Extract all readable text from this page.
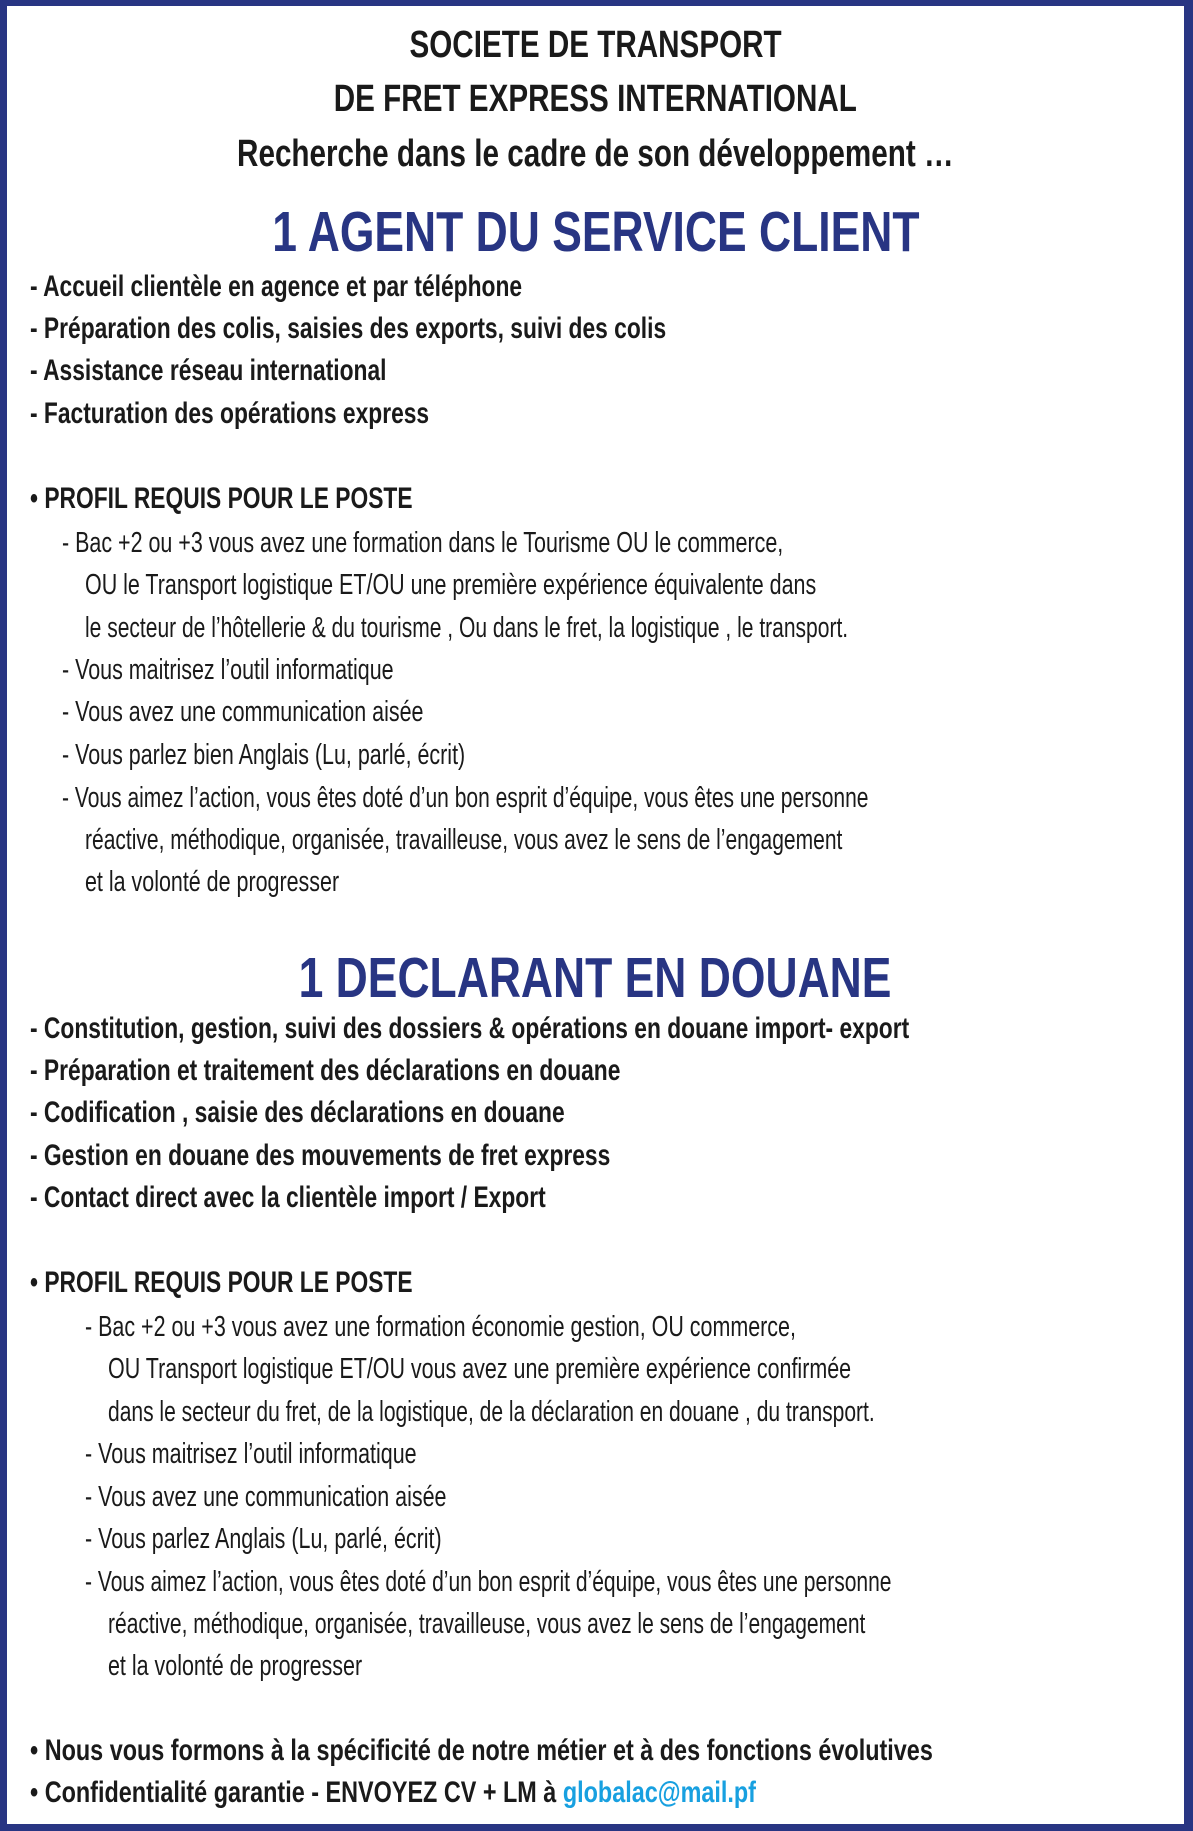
SOCIETE DE TRANSPORT
DE FRET EXPRESS INTERNATIONAL
Recherche dans le cadre de son développement …
1 AGENT DU SERVICE CLIENT
- Accueil clientèle en agence et par téléphone
- Préparation des colis, saisies des exports, suivi des colis
- Assistance réseau international
- Facturation des opérations express
• PROFIL REQUIS POUR LE POSTE
- Bac +2 ou +3 vous avez une formation dans le Tourisme OU le commerce,
OU le Transport logistique ET/OU une première expérience équivalente dans
le secteur de l’hôtellerie & du tourisme , Ou dans le fret, la logistique , le transport.
- Vous maitrisez l’outil informatique
- Vous avez une communication aisée
- Vous parlez bien Anglais (Lu, parlé, écrit)
- Vous aimez l’action, vous êtes doté d’un bon esprit d’équipe, vous êtes une personne
réactive, méthodique, organisée, travailleuse, vous avez le sens de l’engagement
et la volonté de progresser
1 DECLARANT EN DOUANE
- Constitution, gestion, suivi des dossiers & opérations en douane import- export
- Préparation et traitement des déclarations en douane
- Codification , saisie des déclarations en douane
- Gestion en douane des mouvements de fret express
- Contact direct avec la clientèle import / Export
• PROFIL REQUIS POUR LE POSTE
- Bac +2 ou +3 vous avez une formation économie gestion, OU commerce,
OU Transport logistique ET/OU vous avez une première expérience confirmée
dans le secteur du fret, de la logistique, de la déclaration en douane , du transport.
- Vous maitrisez l’outil informatique
- Vous avez une communication aisée
- Vous parlez Anglais (Lu, parlé, écrit)
- Vous aimez l’action, vous êtes doté d’un bon esprit d’équipe, vous êtes une personne
réactive, méthodique, organisée, travailleuse, vous avez le sens de l’engagement
et la volonté de progresser
• Nous vous formons à la spécificité de notre métier et à des fonctions évolutives
• Confidentialité garantie - ENVOYEZ CV + LM à globalac@mail.pf
